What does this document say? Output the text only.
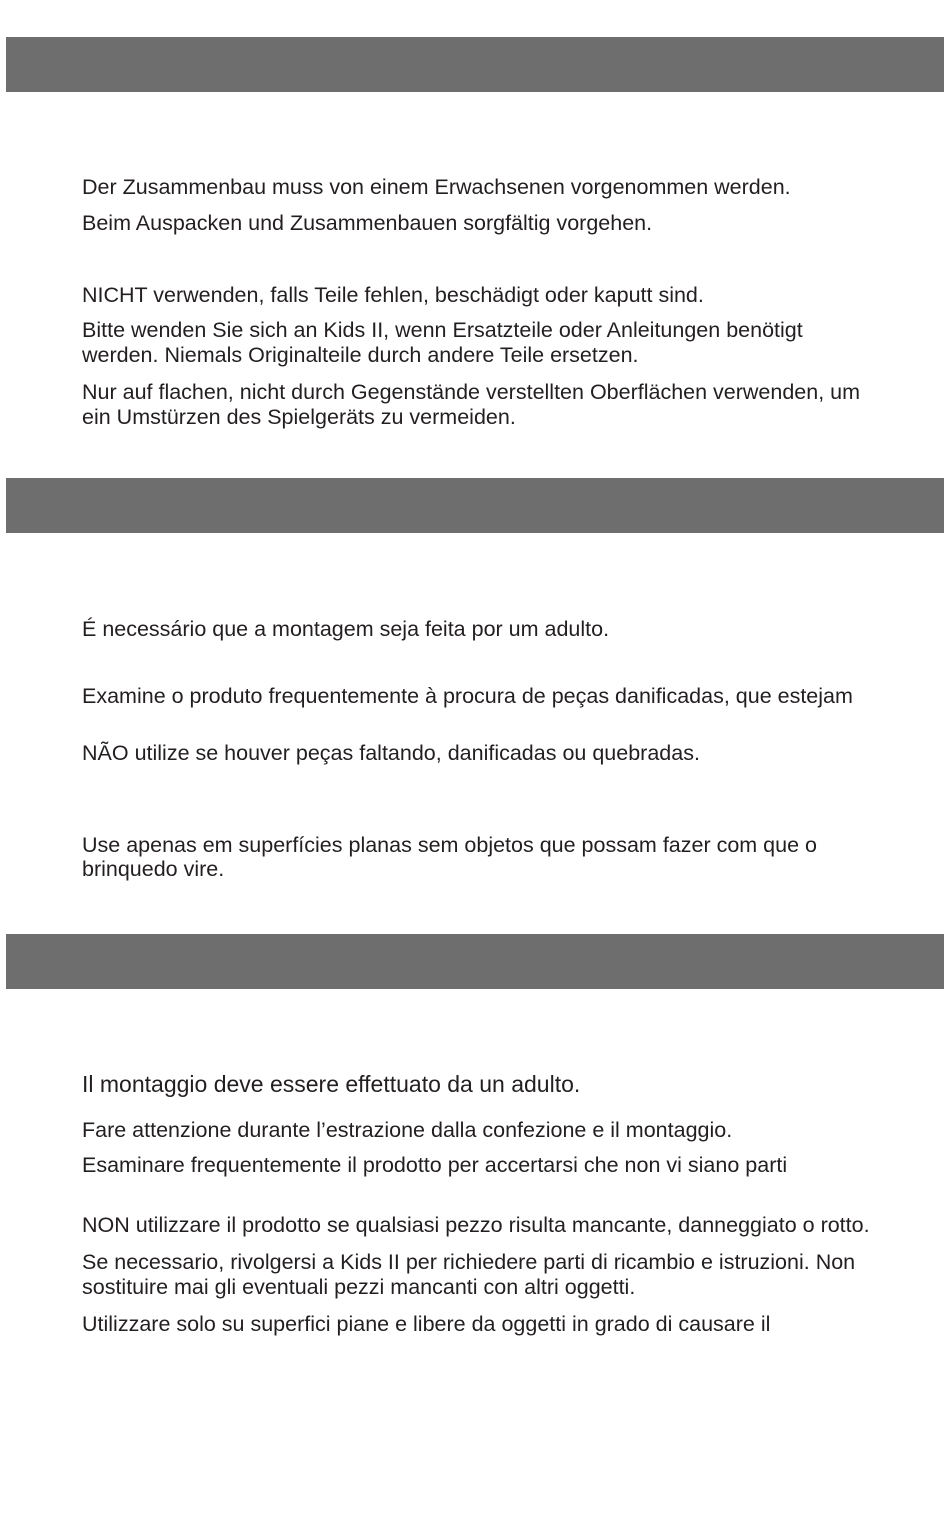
Der Zusammenbau muss von einem Erwachsenen vorgenommen werden.

Beim Auspacken und Zusammenbauen sorgfältig vorgehen.

NICHT verwenden, falls Teile fehlen, beschädigt oder kaputt sind.

Bitte wenden Sie sich an Kids II, wenn Ersatzteile oder Anleitungen benötigt

werden. Niemals Originalteile durch andere Teile ersetzen.

Nur auf flachen, nicht durch Gegenstände verstellten Oberflächen verwenden, um

ein Umstürzen des Spielgeräts zu vermeiden.

É necessário que a montagem seja feita por um adulto.

Examine o produto frequentemente à procura de peças danificadas, que estejam

NÃO utilize se houver peças faltando, danificadas ou quebradas.

Use apenas em superfícies planas sem objetos que possam fazer com que o

brinquedo vire.

Il montaggio deve essere effettuato da un adulto.

Fare attenzione durante l’estrazione dalla confezione e il montaggio.

Esaminare frequentemente il prodotto per accertarsi che non vi siano parti

NON utilizzare il prodotto se qualsiasi pezzo risulta mancante, danneggiato o rotto.

Se necessario, rivolgersi a Kids II per richiedere parti di ricambio e istruzioni. Non

sostituire mai gli eventuali pezzi mancanti con altri oggetti.

Utilizzare solo su superfici piane e libere da oggetti in grado di causare il
